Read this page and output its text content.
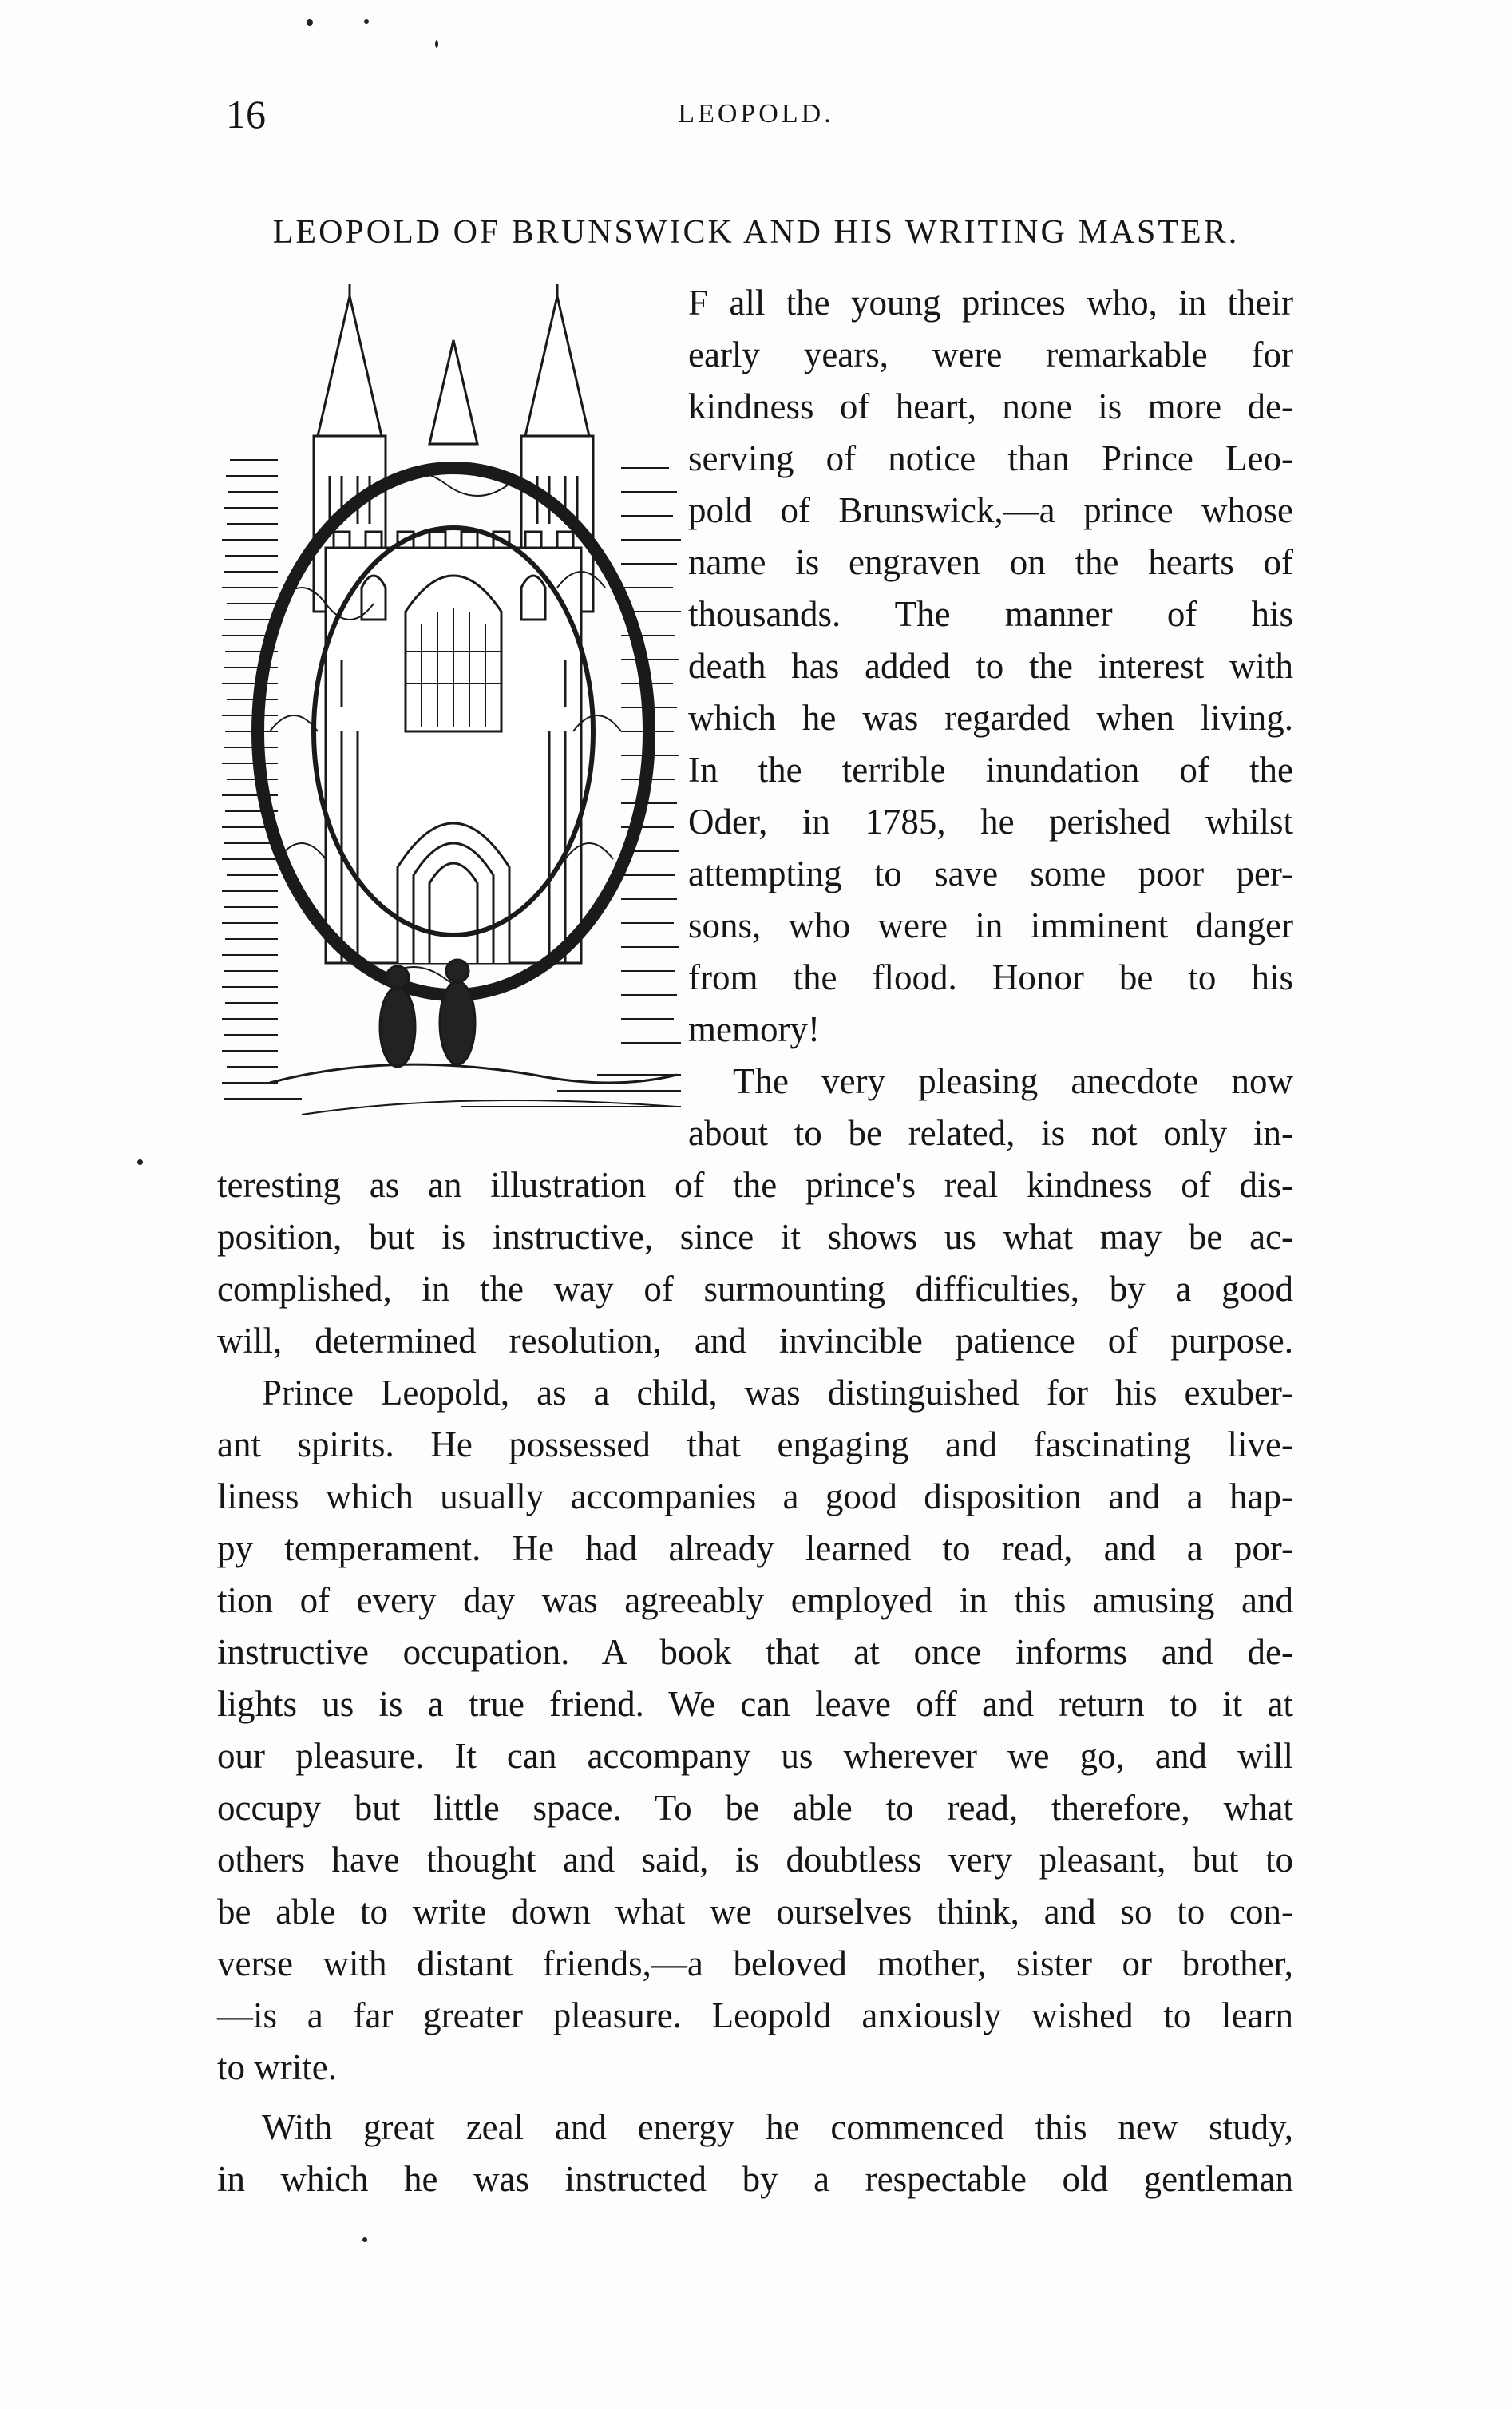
16	LEOPOLD.
LEOPOLD OF BRUNSWICK AND HIS WRITING MASTER.
F all the young princes who, in their
early years, were remarkable for
kindness of heart, none is more de-
serving of notice than Prince Leo-
pold of Brunswick,—a prince whose
name is engraven on the hearts of
thousands. The manner of his
death has added to the interest with
which he was regarded when living.
In the terrible inundation of the
Oder, in 1785, he perished whilst
attempting to save some poor per-
sons, who were in imminent danger
from the flood. Honor be to his
memory!
The very pleasing anecdote now
about to be related, is not only in-
teresting as an illustration of the prince's real kindness of dis-
position, but is instructive, since it shows us what may be ac-
complished, in the way of surmounting difficulties, by a good
will, determined resolution, and invincible patience of purpose.
Prince Leopold, as a child, was distinguished for his exuber-
ant spirits. He possessed that engaging and fascinating live-
liness which usually accompanies a good disposition and a hap-
py temperament. He had already learned to read, and a por-
tion of every day was agreeably employed in this amusing and
instructive occupation. A book that at once informs and de-
lights us is a true friend. We can leave off and return to it at
our pleasure. It can accompany us wherever we go, and will
occupy but little space. To be able to read, therefore, what
others have thought and said, is doubtless very pleasant, but to
be able to write down what we ourselves think, and so to con-
verse with distant friends,—a beloved mother, sister or brother,
—is a far greater pleasure. Leopold anxiously wished to learn
to write.
With great zeal and energy he commenced this new study,
in which he was instructed by a respectable old gentleman
